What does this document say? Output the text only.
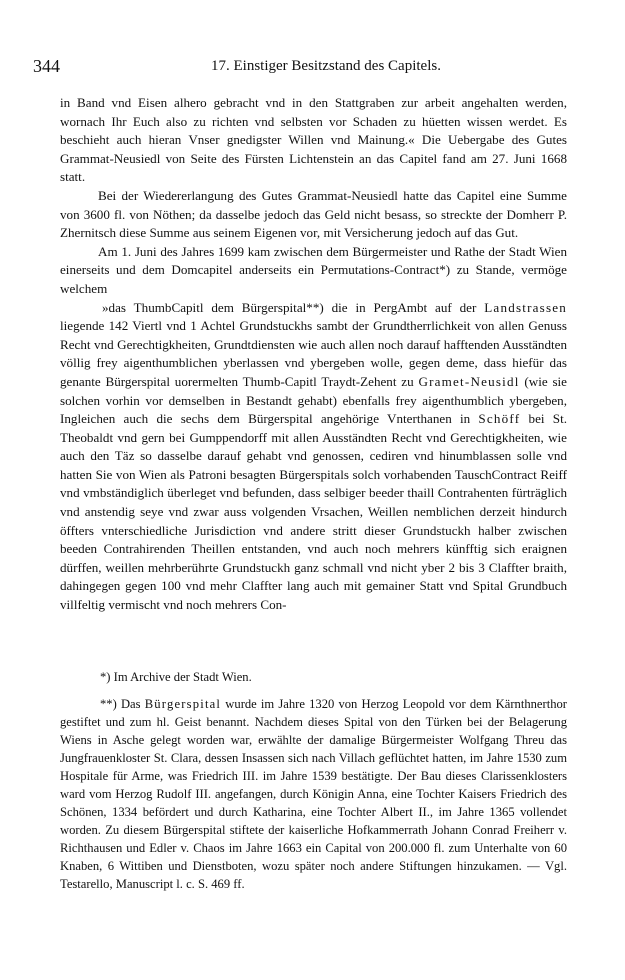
344	17. Einstiger Besitzstand des Capitels.

in Band vnd Eisen alhero gebracht vnd in den Stattgraben zur arbeit angehalten werden, wornach Ihr Euch also zu richten vnd selbsten vor Schaden zu hüetten wissen werdet. Es beschieht auch hieran Vnser gnedigster Willen vnd Mainung.« Die Uebergabe des Gutes Grammat-Neusiedl von Seite des Fürsten Lichtenstein an das Capitel fand am 27. Juni 1668 statt.

Bei der Wiedererlangung des Gutes Grammat-Neusiedl hatte das Capitel eine Summe von 3600 fl. von Nöthen; da dasselbe jedoch das Geld nicht besass, so streckte der Domherr P. Zhernitsch diese Summe aus seinem Eigenen vor, mit Versicherung jedoch auf das Gut.

Am 1. Juni des Jahres 1699 kam zwischen dem Bürgermeister und Rathe der Stadt Wien einerseits und dem Domcapitel anderseits ein Permutations-Contract*) zu Stande, vermöge welchem

»das ThumbCapitl dem Bürgerspital**) die in PergAmbt auf der Landstrassen liegende 142 Viertl vnd 1 Achtel Grundstuckhs sambt der Grundtherrlichkeit von allen Genuss Recht vnd Gerechtigkheiten, Grundtdiensten wie auch allen noch darauf hafftenden Ausständten völlig frey aigenthumblichen yberlassen vnd ybergeben wolle, gegen deme, dass hiefür das genante Bürgerspital uorermelten Thumb-Capitl Traydt-Zehent zu Gramet-Neusidl (wie sie solchen vorhin vor demselben in Bestandt gehabt) ebenfalls frey aigenthumblich ybergeben, Ingleichen auch die sechs dem Bürgerspital angehörige Vnterthanen in Schöff bei St. Theobaldt vnd gern bei Gumppendorff mit allen Ausständten Recht vnd Gerechtigkheiten, wie auch den Täz so dasselbe darauf gehabt vnd genossen, cediren vnd hinumblassen solle vnd hatten Sie von Wien als Patroni besagten Bürgerspitals solch vorhabenden TauschContract Reiff vnd vmbständiglich überleget vnd befunden, dass selbiger beeder thaill Contrahenten fürträglich vnd anstendig seye vnd zwar auss volgenden Vrsachen, Weillen nemblichen derzeit hindurch öffters vnterschiedliche Jurisdiction vnd andere stritt dieser Grundstuckh halber zwischen beeden Contrahirenden Theillen entstanden, vnd auch noch mehrers künfftig sich eraignen dürffen, weillen mehrberührte Grundstuckh ganz schmall vnd nicht yber 2 bis 3 Claffter braith, dahingegen gegen 100 vnd mehr Claffter lang auch mit gemainer Statt vnd Spital Grundbuch villfeltig vermischt vnd noch mehrers Con-

*) Im Archive der Stadt Wien.

**) Das Bürgerspital wurde im Jahre 1320 von Herzog Leopold vor dem Kärnthnerthor gestiftet und zum hl. Geist benannt. Nachdem dieses Spital von den Türken bei der Belagerung Wiens in Asche gelegt worden war, erwählte der damalige Bürgermeister Wolfgang Threu das Jungfrauenkloster St. Clara, dessen Insassen sich nach Villach geflüchtet hatten, im Jahre 1530 zum Hospitale für Arme, was Friedrich III. im Jahre 1539 bestätigte. Der Bau dieses Clarissenklosters ward vom Herzog Rudolf III. angefangen, durch Königin Anna, eine Tochter Kaisers Friedrich des Schönen, 1334 befördert und durch Katharina, eine Tochter Albert II., im Jahre 1365 vollendet worden. Zu diesem Bürgerspital stiftete der kaiserliche Hofkammerrath Johann Conrad Freiherr v. Richthausen und Edler v. Chaos im Jahre 1663 ein Capital von 200.000 fl. zum Unterhalte von 60 Knaben, 6 Wittiben und Dienstboten, wozu später noch andere Stiftungen hinzukamen. — Vgl. Testarello, Manuscript l. c. S. 469 ff.
